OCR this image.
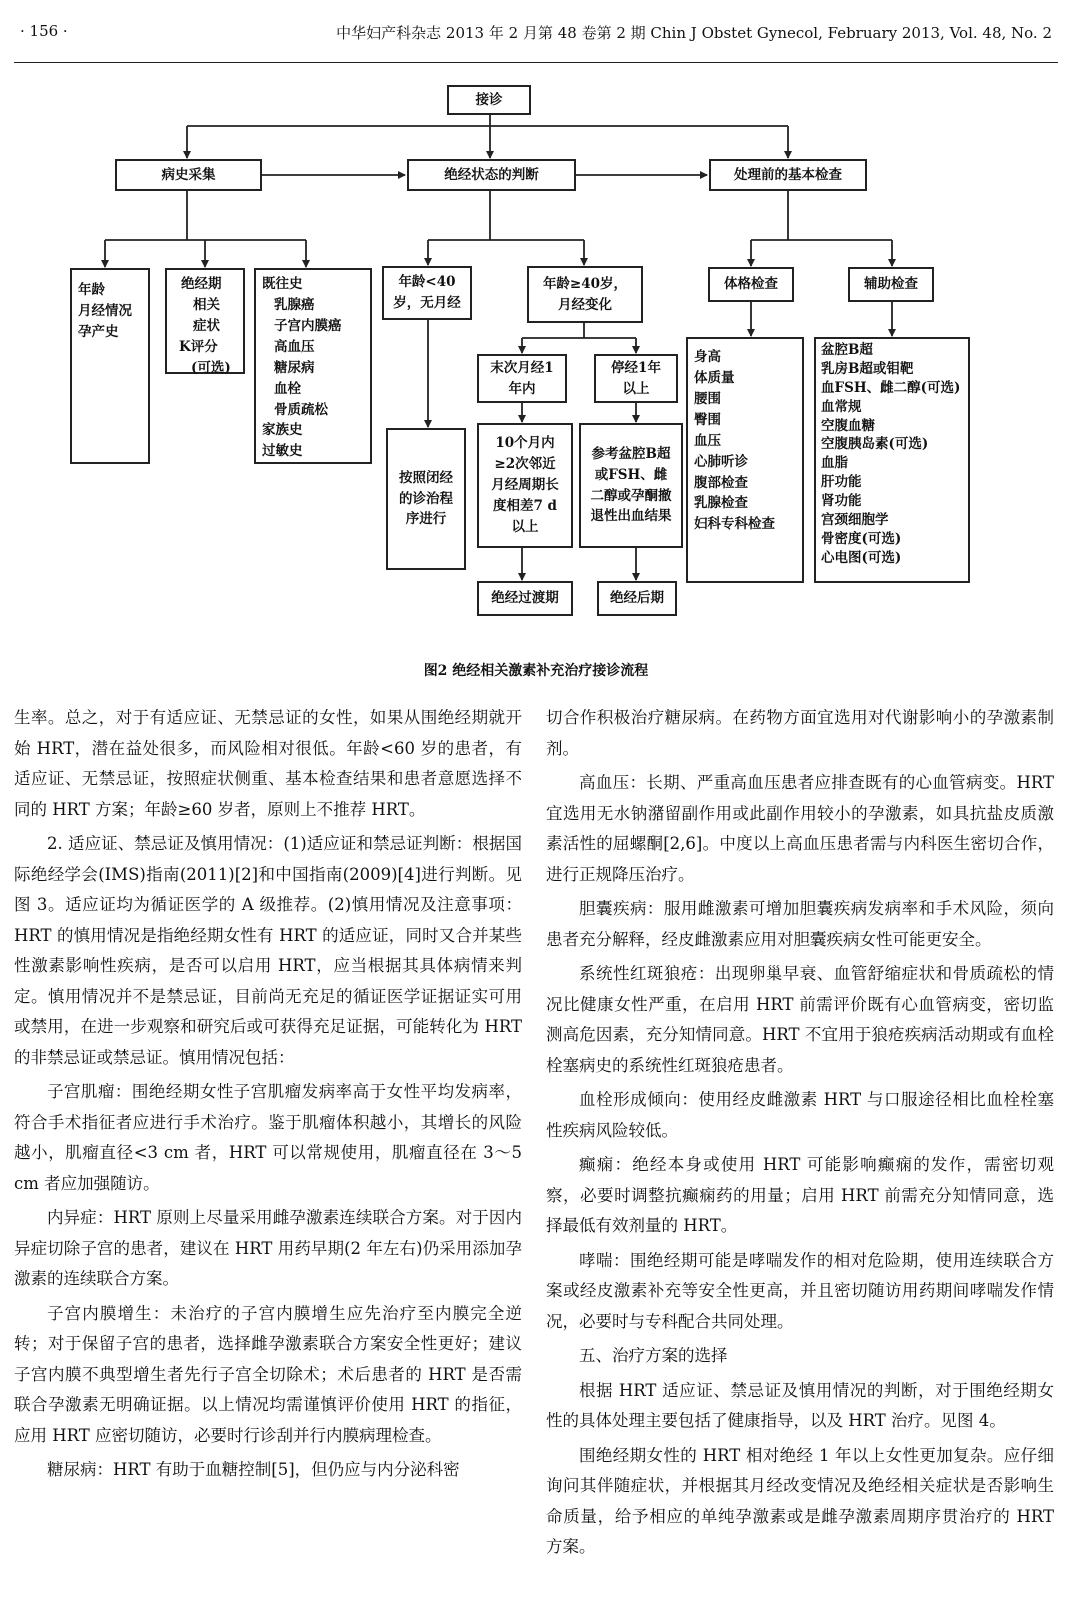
· 156 ·	中华妇产科杂志 2013 年 2 月第 48 卷第 2 期 Chin J Obstet Gynecol, February 2013, Vol. 48, No. 2
接诊
病史采集	绝经状态的判断	处理前的基本检查
年龄
月经情况
孕产史
绝经期
相关
症状
K评分
(可选)
既往史
乳腺癌
子宫内膜癌
高血压
糖尿病
血栓
骨质疏松
家族史
过敏史
年龄<40岁，无月经
按照闭经的诊治程序进行
年龄≥40岁，月经变化
末次月经1年内
停经1年以上
10个月内≥2次邻近月经周期长度相差7 d以上
参考盆腔B超或FSH、雌二醇或孕酮撤退性出血结果
绝经过渡期	绝经后期
体格检查	辅助检查
身高
体质量
腰围
臀围
血压
心肺听诊
腹部检查
乳腺检查
妇科专科检查
盆腔B超
乳房B超或钼靶
血FSH、雌二醇(可选)
血常规
空腹血糖
空腹胰岛素(可选)
血脂
肝功能
肾功能
宫颈细胞学
骨密度(可选)
心电图(可选)
图2 绝经相关激素补充治疗接诊流程

生率。总之，对于有适应证、无禁忌证的女性，如果从围绝经期就开始 HRT，潜在益处很多，而风险相对很低。年龄<60 岁的患者，有适应证、无禁忌证，按照症状侧重、基本检查结果和患者意愿选择不同的 HRT 方案；年龄≥60 岁者，原则上不推荐 HRT。

2. 适应证、禁忌证及慎用情况：(1)适应证和禁忌证判断：根据国际绝经学会(IMS)指南(2011)[2]和中国指南(2009)[4]进行判断。见图 3。适应证均为循证医学的 A 级推荐。(2)慎用情况及注意事项：HRT 的慎用情况是指绝经期女性有 HRT 的适应证，同时又合并某些性激素影响性疾病，是否可以启用 HRT，应当根据其具体病情来判定。慎用情况并不是禁忌证，目前尚无充足的循证医学证据证实可用或禁用，在进一步观察和研究后或可获得充足证据，可能转化为 HRT 的非禁忌证或禁忌证。慎用情况包括：

子宫肌瘤：围绝经期女性子宫肌瘤发病率高于女性平均发病率，符合手术指征者应进行手术治疗。鉴于肌瘤体积越小，其增长的风险越小，肌瘤直径<3 cm 者，HRT 可以常规使用，肌瘤直径在 3～5 cm 者应加强随访。

内异症：HRT 原则上尽量采用雌孕激素连续联合方案。对于因内异症切除子宫的患者，建议在 HRT 用药早期(2 年左右)仍采用添加孕激素的连续联合方案。

子宫内膜增生：未治疗的子宫内膜增生应先治疗至内膜完全逆转；对于保留子宫的患者，选择雌孕激素联合方案安全性更好；建议子宫内膜不典型增生者先行子宫全切除术；术后患者的 HRT 是否需联合孕激素无明确证据。以上情况均需谨慎评价使用 HRT 的指征，应用 HRT 应密切随访，必要时行诊刮并行内膜病理检查。

糖尿病：HRT 有助于血糖控制[5]，但仍应与内分泌科密

切合作积极治疗糖尿病。在药物方面宜选用对代谢影响小的孕激素制剂。

高血压：长期、严重高血压患者应排查既有的心血管病变。HRT 宜选用无水钠潴留副作用或此副作用较小的孕激素，如具抗盐皮质激素活性的屈螺酮[2,6]。中度以上高血压患者需与内科医生密切合作，进行正规降压治疗。

胆囊疾病：服用雌激素可增加胆囊疾病发病率和手术风险，须向患者充分解释，经皮雌激素应用对胆囊疾病女性可能更安全。

系统性红斑狼疮：出现卵巢早衰、血管舒缩症状和骨质疏松的情况比健康女性严重，在启用 HRT 前需评价既有心血管病变，密切监测高危因素，充分知情同意。HRT 不宜用于狼疮疾病活动期或有血栓栓塞病史的系统性红斑狼疮患者。

血栓形成倾向：使用经皮雌激素 HRT 与口服途径相比血栓栓塞性疾病风险较低。

癫痫：绝经本身或使用 HRT 可能影响癫痫的发作，需密切观察，必要时调整抗癫痫药的用量；启用 HRT 前需充分知情同意，选择最低有效剂量的 HRT。

哮喘：围绝经期可能是哮喘发作的相对危险期，使用连续联合方案或经皮激素补充等安全性更高，并且密切随访用药期间哮喘发作情况，必要时与专科配合共同处理。

五、治疗方案的选择

根据 HRT 适应证、禁忌证及慎用情况的判断，对于围绝经期女性的具体处理主要包括了健康指导，以及 HRT 治疗。见图 4。

围绝经期女性的 HRT 相对绝经 1 年以上女性更加复杂。应仔细询问其伴随症状，并根据其月经改变情况及绝经相关症状是否影响生命质量，给予相应的单纯孕激素或是雌孕激素周期序贯治疗的 HRT 方案。
